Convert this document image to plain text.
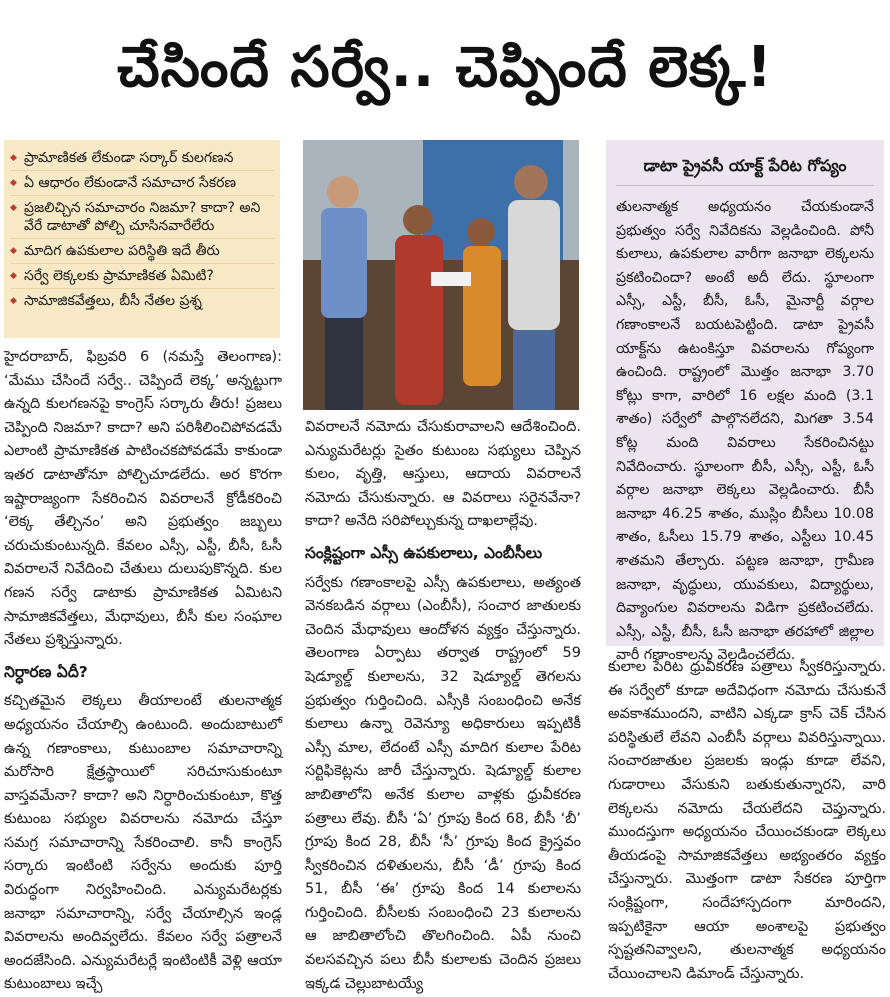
చేసిందే సర్వే.. చెప్పిందే లెక్క!
◆ ప్రామాణికత లేకుండా సర్కార్ కులగణన
◆ ఏ ఆధారం లేకుండానే సమాచార సేకరణ
◆ ప్రజలిచ్చిన సమాచారం నిజమా? కాదా? అని వేరే డాటాతో పోల్చి చూసినవారేలేరు
◆ మాదిగ ఉపకులాల పరిస్థితి ఇదే తీరు
◆ సర్వే లెక్కలకు ప్రామాణికత ఏమిటి?
◆ సామాజికవేత్తలు, బీసీ నేతల ప్రశ్న

హైదరాబాద్, ఫిబ్రవరి 6 (నమస్తే తెలంగాణ): ‘మేము చేసిందే సర్వే.. చెప్పిందే లెక్క’ అన్నట్టుగా ఉన్నది కులగణనపై కాంగ్రెస్ సర్కారు తీరు! ప్రజలు చెప్పింది నిజమా? కాదా? అని పరిశీలించిపోవడమే ఎలాంటి ప్రామాణికత పాటించకపోవడమే కాకుండా ఇతర డాటాతోనూ పోల్చిచూడలేదు. అర కొరగా ఇష్టారాజ్యంగా సేకరించిన వివరాలనే క్రోడీకరించి ‘లెక్క తేల్చినం’ అని ప్రభుత్వం జబ్బలు చరుచుకుంటున్నది. కేవలం ఎస్సీ, ఎస్టీ, బీసీ, ఓసీ వివరాలనే నివేదించి చేతులు దులుపుకొన్నది. కుల గణన సర్వే డాటాకు ప్రామాణికత ఏమిటని సామాజికవేత్తలు, మేధావులు, బీసీ కుల సంఘాల నేతలు ప్రశ్నిస్తున్నారు.

నిర్ధారణ ఏదీ?

కచ్చితమైన లెక్కలు తీయాలంటే తులనాత్మక అధ్యయనం చేయాల్సి ఉంటుంది. అందుబాటులో ఉన్న గణాంకాలు, కుటుంబాల సమాచారాన్ని మరోసారి క్షేత్రస్థాయిలో సరిచూసుకుంటూ వాస్తవమేనా? కాదా? అని నిర్ధారించుకుంటూ, కొత్త కుటుంబ సభ్యుల వివరాలను నమోదు చేస్తూ సమగ్ర సమాచారాన్ని సేకరించాలి. కానీ కాంగ్రెస్ సర్కారు ఇంటింటి సర్వేను అందుకు పూర్తి విరుద్ధంగా నిర్వహించింది. ఎన్యుమరేటర్లకు జనాభా సమాచారాన్ని, సర్వే చేయాల్సిన ఇండ్ల వివరాలను అందివ్వలేదు. కేవలం సర్వే పత్రాలనే అందజేసింది. ఎన్యుమరేటర్లే ఇంటింటికీ వెళ్లి ఆయా కుటుంబాలు ఇచ్చే

వివరాలనే నమోదు చేసుకురావాలని ఆదేశించింది. ఎన్యుమరేటర్లు సైతం కుటుంబ సభ్యులు చెప్పిన కులం, వృత్తి, ఆస్తులు, ఆదాయ వివరాలనే నమోదు చేసుకున్నారు. ఆ వివరాలు సరైనవేనా? కాదా? అనేది సరిపోల్చుకున్న దాఖలాల్లేవు.

సంక్లిష్టంగా ఎస్సీ ఉపకులాలు, ఎంబీసీలు

సర్వేకు గణాంకాలపై ఎస్సీ ఉపకులాలు, అత్యంత వెనకబడిన వర్గాలు (ఎంబీసీ), సంచార జాతులకు చెందిన మేధావులు ఆందోళన వ్యక్తం చేస్తున్నారు. తెలంగాణ ఏర్పాటు తర్వాత రాష్ట్రంలో 59 షెడ్యూల్డ్ కులాలను, 32 షెడ్యూల్డ్ తెగలను ప్రభుత్వం గుర్తించింది. ఎస్సీకి సంబంధించి అనేక కులాలు ఉన్నా రెవెన్యూ అధికారులు ఇప్పటికీ ఎస్సీ మాల, లేదంటే ఎస్సీ మాదిగ కులాల పేరిట సర్టిఫికెట్లను జారీ చేస్తున్నారు. షెడ్యూల్డ్ కులాల జాబితాలోని అనేక కులాల వాళ్లకు ధ్రువీకరణ పత్రాలు లేవు. బీసీ ‘ఏ’ గ్రూపు కింద 68, బీసీ ‘బీ’ గ్రూపు కింద 28, బీసీ ‘సీ’ గ్రూపు కింద క్రైస్తవం స్వీకరించిన దళితులను, బీసీ ‘డీ’ గ్రూపు కింద 51, బీసీ ‘ఈ’ గ్రూపు కింద 14 కులాలను గుర్తించింది. బీసీలకు సంబంధించి 23 కులాలను ఆ జాబితాలోంచి తొలగించింది. ఏపీ నుంచి వలసవచ్చిన పలు బీసీ కులాలకు చెందిన ప్రజలు ఇక్కడ చెల్లుబాటయ్యే

డాటా ప్రైవసీ యాక్ట్ పేరిట గోప్యం

తులనాత్మక అధ్యయనం చేయకుండానే ప్రభుత్వం సర్వే నివేదికను వెల్లడించింది. పోనీ కులాలు, ఉపకులాల వారీగా జనాభా లెక్కలను ప్రకటించిందా? అంటే అదీ లేదు. స్థూలంగా ఎస్సీ, ఎస్టీ, బీసీ, ఓసీ, మైనార్టీ వర్గాల గణాంకాలనే బయటపెట్టింది. డాటా ప్రైవసీ యాక్ట్‌ను ఉటంకిస్తూ వివరాలను గోప్యంగా ఉంచింది. రాష్ట్రంలో మొత్తం జనాభా 3.70 కోట్లు కాగా, వారిలో 16 లక్షల మంది (3.1 శాతం) సర్వేలో పాల్గొనలేదని, మిగతా 3.54 కోట్ల మంది వివరాలు సేకరించినట్టు నివేదించారు. స్థూలంగా బీసీ, ఎస్సీ, ఎస్టీ, ఓసీ వర్గాల జనాభా లెక్కలు వెల్లడించారు. బీసీ జనాభా 46.25 శాతం, ముస్లిం బీసీలు 10.08 శాతం, ఓసీలు 15.79 శాతం, ఎస్టీలు 10.45 శాతమని తేల్చారు. పట్టణ జనాభా, గ్రామీణ జనాభా, వృద్ధులు, యువకులు, విద్యార్థులు, దివ్యాంగుల వివరాలను విడిగా ప్రకటించలేదు. ఎస్సీ, ఎస్టీ, బీసీ, ఓసీ జనాభా తరహాలో జిల్లాల వారీ గణాంకాలను వెల్లడించలేదు.

కులాల పేరిట ధ్రువీకరణ పత్రాలు స్వీకరిస్తున్నారు. ఈ సర్వేలో కూడా అదేవిధంగా నమోదు చేసుకునే అవకాశముందని, వాటిని ఎక్కడా క్రాస్ చెక్ చేసిన పరిస్థితులే లేవని ఎంబీసీ వర్గాలు వివరిస్తున్నాయి. సంచారజాతుల ప్రజలకు ఇండ్లు కూడా లేవని, గుడారాలు వేసుకుని బతుకుతున్నారని, వారి లెక్కలను నమోదు చేయలేదని చెప్తున్నారు. ముందస్తుగా అధ్యయనం చేయించకుండా లెక్కలు తీయడంపై సామాజికవేత్తలు అభ్యంతరం వ్యక్తం చేస్తున్నారు. మొత్తంగా డాటా సేకరణ పూర్తిగా సంక్లిష్టంగా, సందేహాస్పదంగా మారిందని, ఇప్పటికైనా ఆయా అంశాలపై ప్రభుత్వం స్పష్టతనివ్వాలని, తులనాత్మక అధ్యయనం చేయించాలని డిమాండ్ చేస్తున్నారు.
